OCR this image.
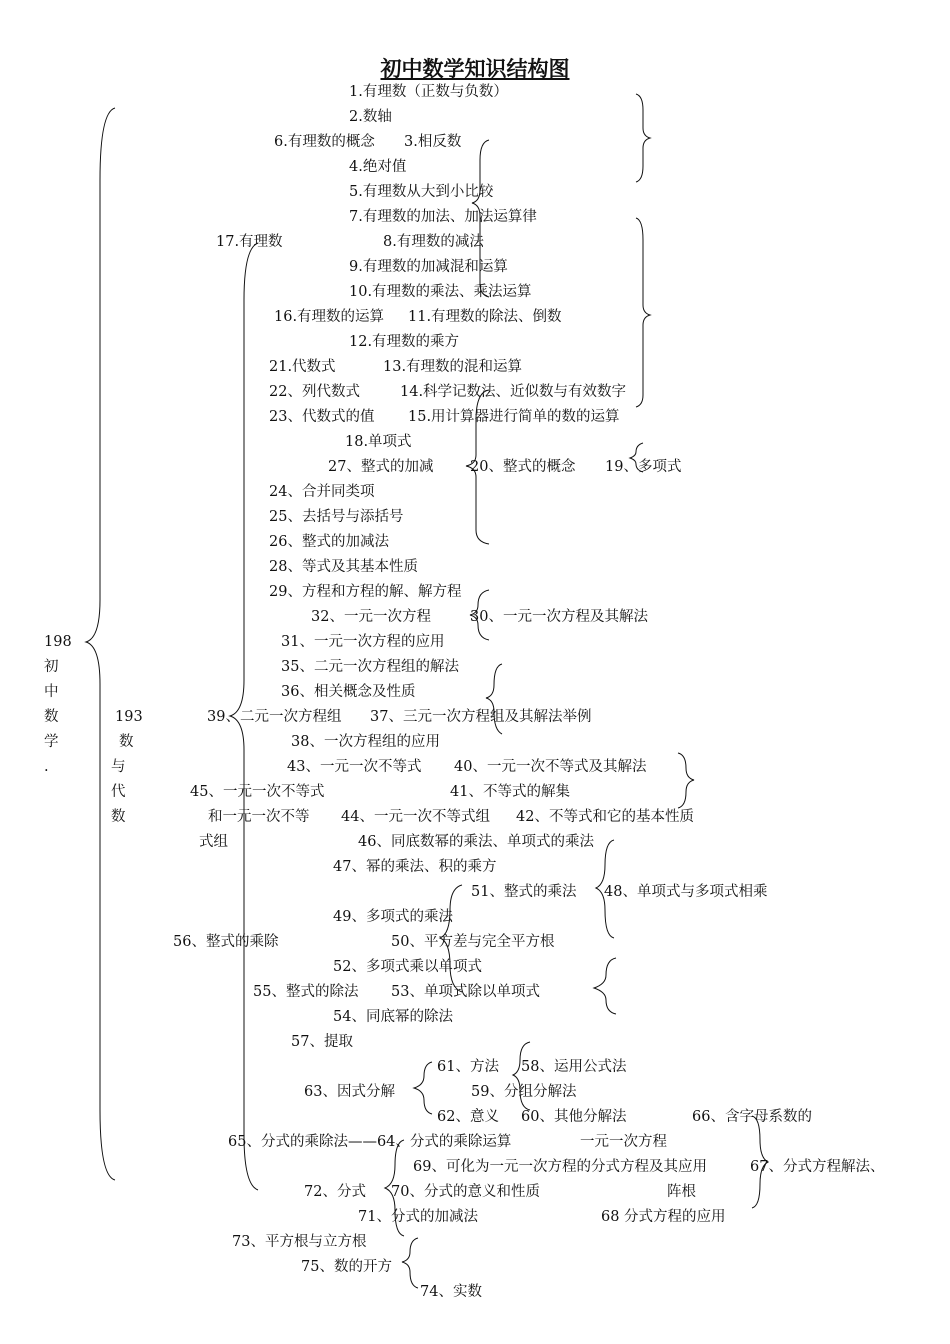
初中数学知识结构图
1.有理数（正数与负数）
2.数轴
6.有理数的概念 3.相反数
4.绝对值
5.有理数从大到小比较
7.有理数的加法、加法运算律
17.有理数	8.有理数的减法
9.有理数的加减混和运算
10.有理数的乘法、乘法运算
16.有理数的运算 11.有理数的除法、倒数
12.有理数的乘方
21.代数式	13.有理数的混和运算
22、列代数式	14.科学记数法、近似数与有效数字
23、代数式的值 15.用计算器进行简单的数的运算
18.单项式
27、整式的加减	20、整式的概念 19、多项式
24、合并同类项
25、去括号与添括号
26、整式的加减法
28、等式及其基本性质
29、方程和方程的解、解方程
32、一元一次方程	30、一元一次方程及其解法
31、一元一次方程的应用
35、二元一次方程组的解法
36、相关概念及性质
39、二元一次方程组 37、三元一次方程组及其解法举例
38、一次方程组的应用
43、一元一次不等式 40、一元一次不等式及其解法
45、一元一次不等式	41、不等式的解集
和一元一次不等 44、一元一次不等式组 42、不等式和它的基本性质
式组	46、同底数幂的乘法、单项式的乘法
47、幂的乘法、积的乘方
51、整式的乘法 48、单项式与多项式相乘
49、多项式的乘法
56、整式的乘除	50、平方差与完全平方根
52、多项式乘以单项式
55、整式的除法 53、单项式除以单项式
54、同底幂的除法
57、提取
61、方法 58、运用公式法
63、因式分解	59、分组分解法
62、意义 60、其他分解法	66、含字母系数的
65、分式的乘除法——64、分式的乘除运算	一元一次方程
69、可化为一元一次方程的分式方程及其应用	67、分式方程解法、
72、分式 70、分式的意义和性质	阵根
71、分式的加减法	68 分式方程的应用
73、平方根与立方根
75、数的开方
74、实数
198
初
中
数
学
.
193
数
与
代
数
